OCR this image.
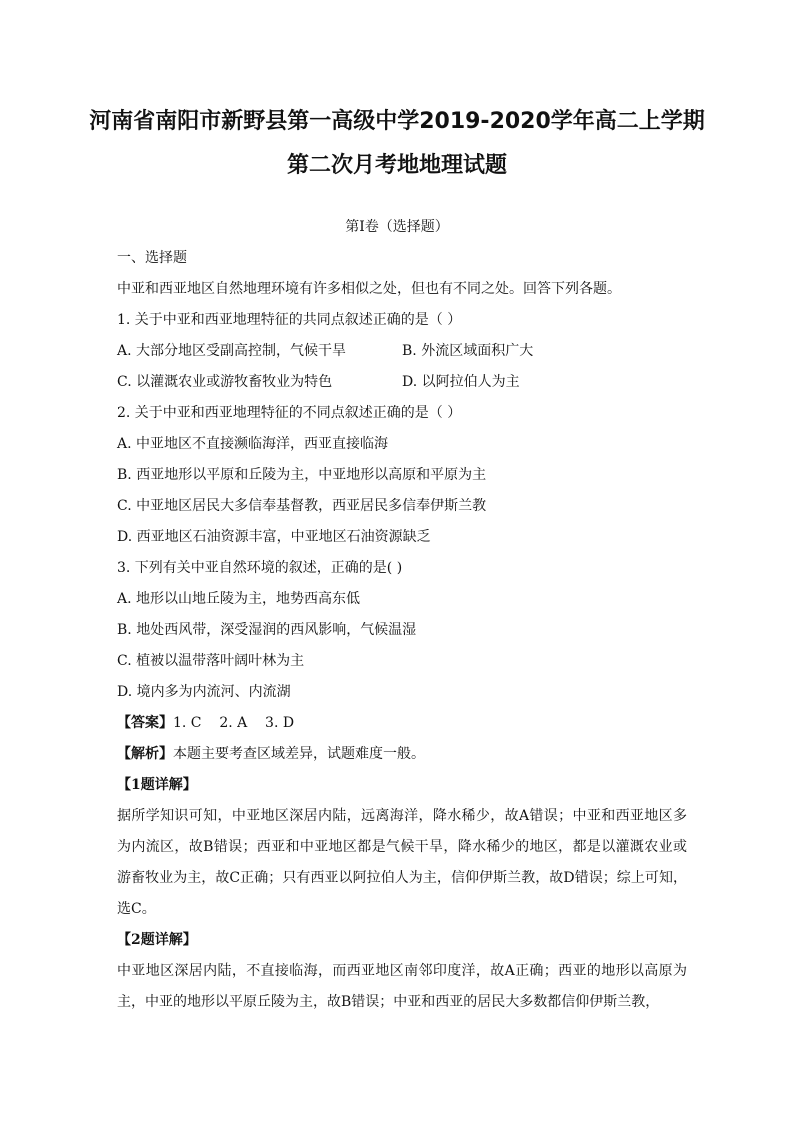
河南省南阳市新野县第一高级中学2019-2020学年高二上学期
第二次月考地地理试题
第I卷（选择题）
一、选择题
中亚和西亚地区自然地理环境有许多相似之处，但也有不同之处。回答下列各题。
1. 关于中亚和西亚地理特征的共同点叙述正确的是（ ）
A. 大部分地区受副高控制，气候干旱	B. 外流区域面积广大
C. 以灌溉农业或游牧畜牧业为特色	D. 以阿拉伯人为主
2. 关于中亚和西亚地理特征的不同点叙述正确的是（ ）
A. 中亚地区不直接濒临海洋，西亚直接临海
B. 西亚地形以平原和丘陵为主，中亚地形以高原和平原为主
C. 中亚地区居民大多信奉基督教，西亚居民多信奉伊斯兰教
D. 西亚地区石油资源丰富，中亚地区石油资源缺乏
3. 下列有关中亚自然环境的叙述，正确的是( )
A. 地形以山地丘陵为主，地势西高东低
B. 地处西风带，深受湿润的西风影响，气候温湿
C. 植被以温带落叶阔叶林为主
D. 境内多为内流河、内流湖
【答案】1. C    2. A    3. D
【解析】本题主要考查区域差异，试题难度一般。
【1题详解】
据所学知识可知，中亚地区深居内陆，远离海洋，降水稀少，故A错误；中亚和西亚地区多为内流区，故B错误；西亚和中亚地区都是气候干旱，降水稀少的地区，都是以灌溉农业或游畜牧业为主，故C正确；只有西亚以阿拉伯人为主，信仰伊斯兰教，故D错误；综上可知，选C。
【2题详解】
中亚地区深居内陆，不直接临海，而西亚地区南邻印度洋，故A正确；西亚的地形以高原为主，中亚的地形以平原丘陵为主，故B错误；中亚和西亚的居民大多数都信仰伊斯兰教，
